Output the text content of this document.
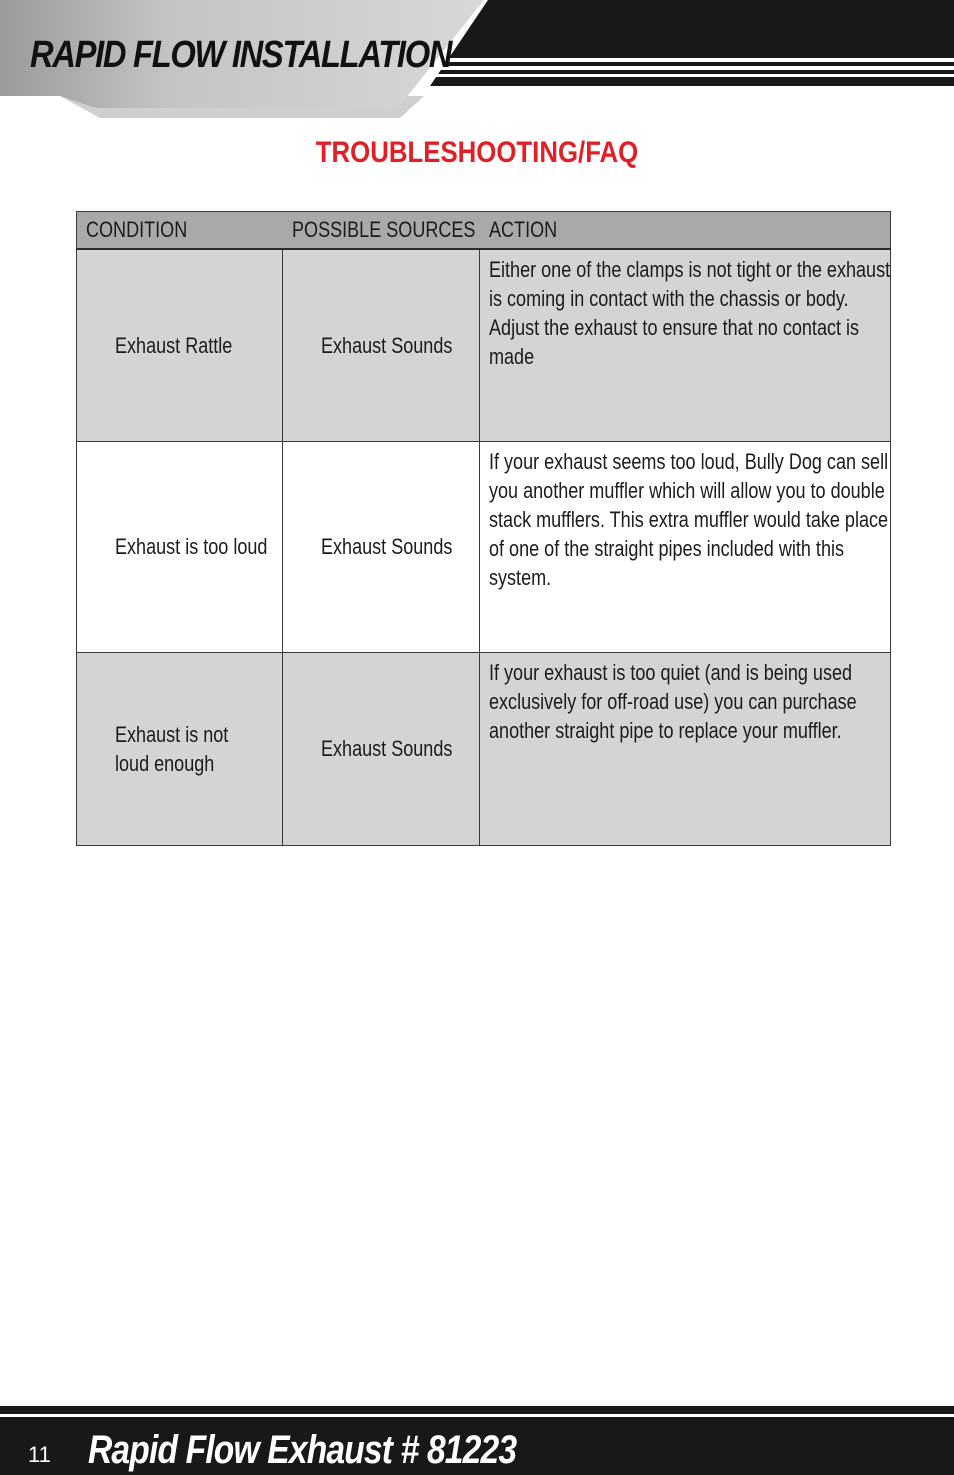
RAPID FLOW INSTALLATION
TROUBLESHOOTING/FAQ
CONDITION	POSSIBLE SOURCES	ACTION

Exhaust Rattle	Exhaust Sounds	Either one of the clamps is not tight or the exhaust is coming in contact with the chassis or body. Adjust the exhaust to ensure that no contact is made

Exhaust is too loud	Exhaust Sounds	If your exhaust seems too loud, Bully Dog can sell you another muffler which will allow you to double stack mufflers. This extra muffler would take place of one of the straight pipes included with this system.

Exhaust is not loud enough	Exhaust Sounds	If your exhaust is too quiet (and is being used exclusively for off-road use) you can purchase another straight pipe to replace your muffler.
11 Rapid Flow Exhaust # 81223
